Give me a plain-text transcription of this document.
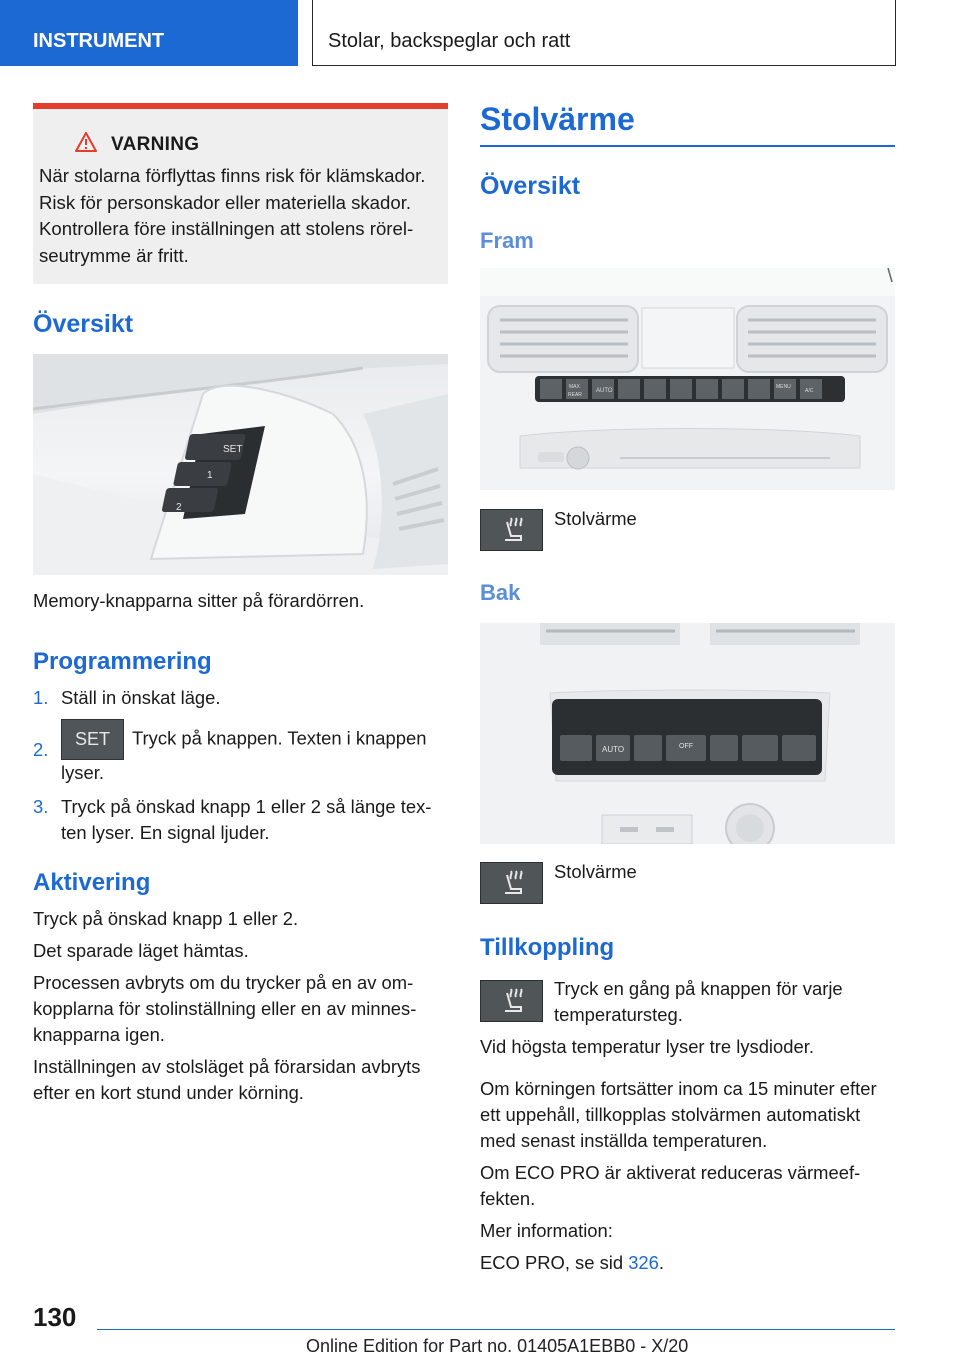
INSTRUMENT	Stolar, backspeglar och ratt
VARNING
När stolarna förflyttas finns risk för klämskador. Risk för personskador eller materiella skador. Kontrollera före inställningen att stolens rörelseutrymme är fritt.
Översikt
SET
1
2
Memory-knapparna sitter på förardörren.
Programmering
1. Ställ in önskat läge.
2.	SET Tryck på knappen. Texten i knappen lyser.
3. Tryck på önskad knapp 1 eller 2 så länge texten lyser. En signal ljuder.
Aktivering

Tryck på önskad knapp 1 eller 2.

Det sparade läget hämtas.

Processen avbryts om du trycker på en av omkopplarna för stolinställning eller en av minnesknapparna igen.

Inställningen av stolsläget på förarsidan avbryts efter en kort stund under körning.

Stolvärme
Översikt
Fram
AUTO
MAX
REAR
MENU
A/C
Stolvärme
Bak
AUTO	OFF
Stolvärme
Tillkoppling
Tryck en gång på knappen för varje temperatursteg.

Vid högsta temperatur lyser tre lysdioder.

Om körningen fortsätter inom ca 15 minuter efter ett uppehåll, tillkopplas stolvärmen automatiskt med senast inställda temperaturen.

Om ECO PRO är aktiverat reduceras värmeeffekten.

Mer information:

ECO PRO, se sid 326.

130
Online Edition for Part no. 01405A1EBB0 - X/20
